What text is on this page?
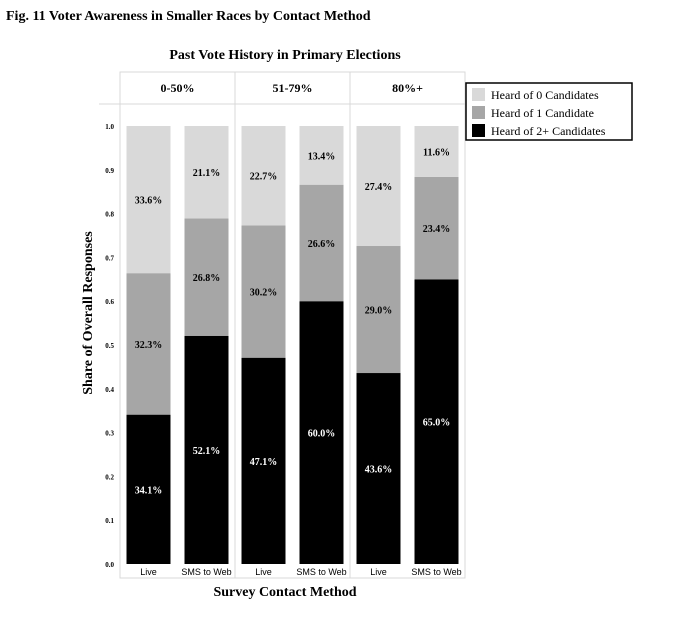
Fig. 11 Voter Awareness in Smaller Races by Contact Method
Past Vote History in Primary Elections
0-50%	51-79%	80%+
0.0
0.1
0.2
0.3
0.4
0.5
0.6
0.7
0.8
0.9
1.0
34.1%
32.3%
33.6%
52.1%
26.8%
21.1%
47.1%
30.2%
22.7%
60.0%
26.6%
13.4%
43.6%
29.0%
27.4%
65.0%
23.4%
11.6%
Live	SMS to Web	Live	SMS to Web	Live	SMS to Web
Share of Overall Responses
Survey Contact Method
Heard of 0 Candidates
Heard of 1 Candidate
Heard of 2+ Candidates
